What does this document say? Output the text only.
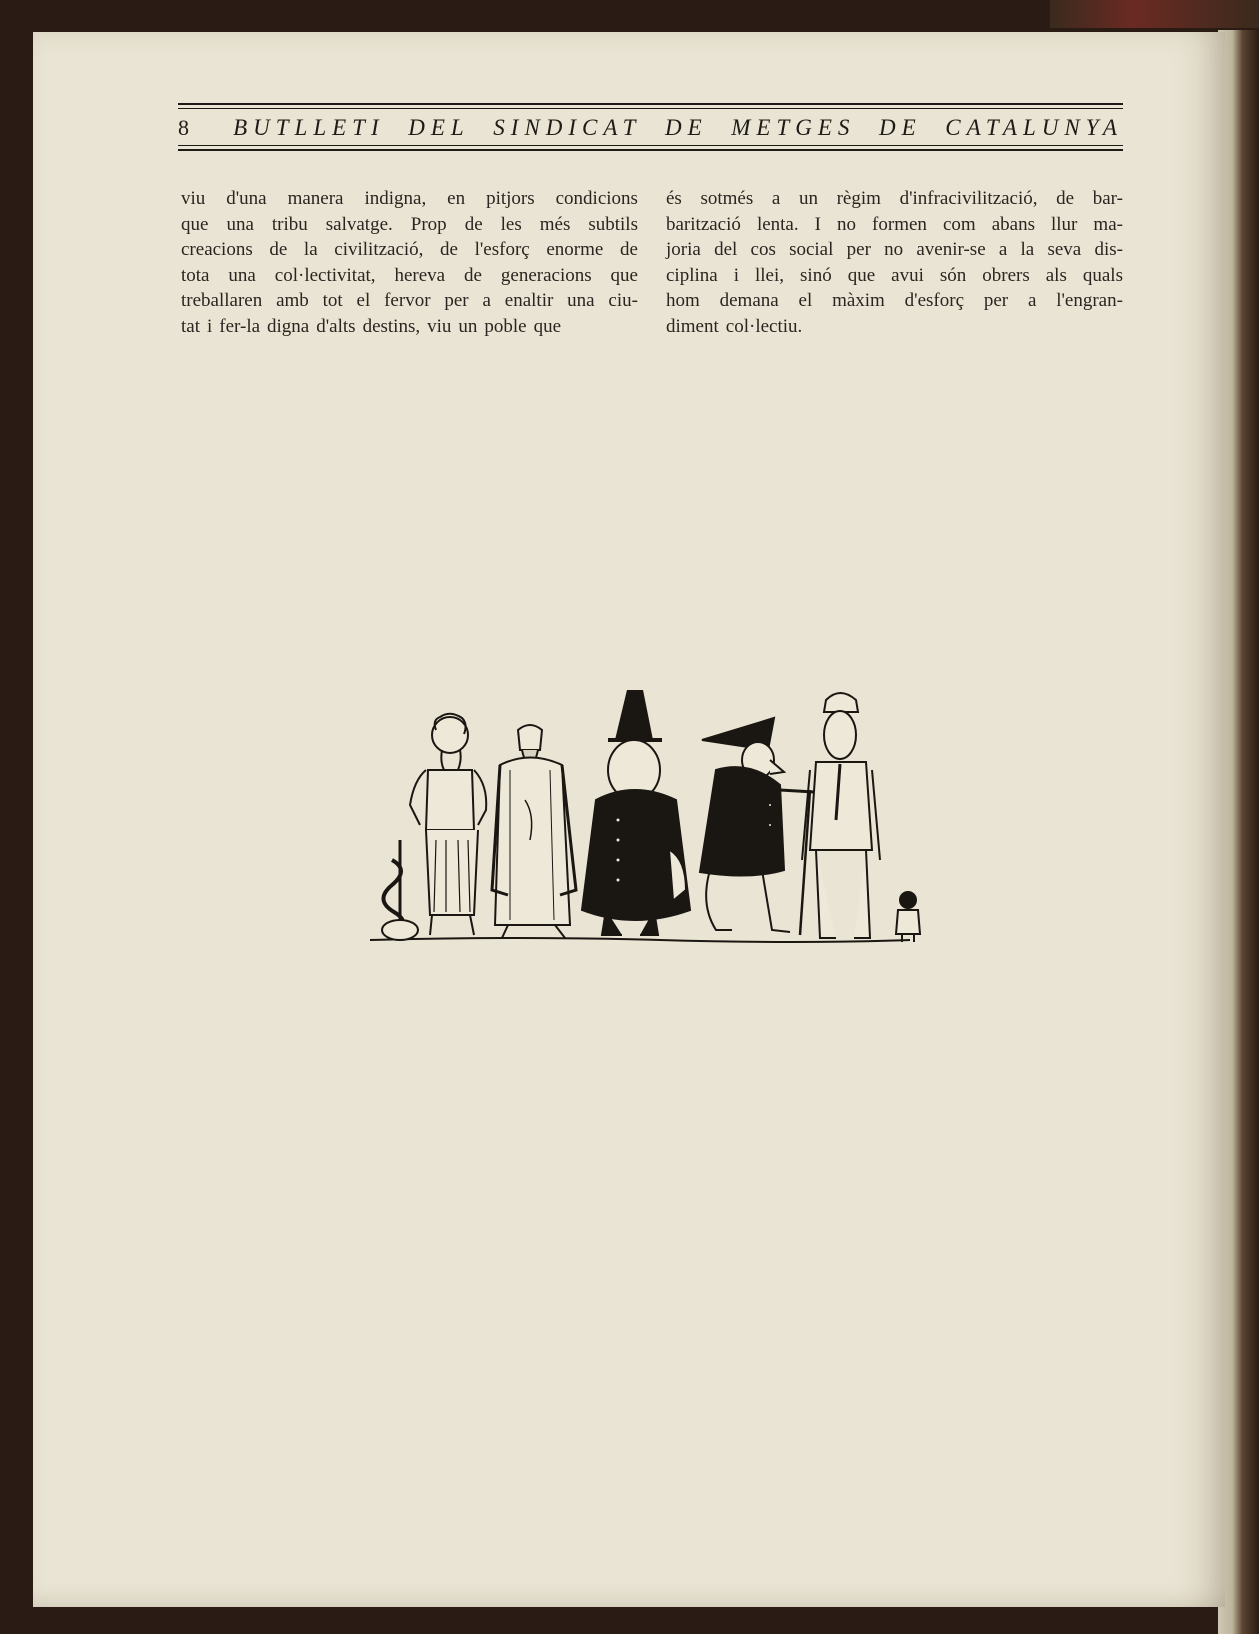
8 BUTLLETI DEL SINDICAT DE METGES DE CATALUNYA
viu d'una manera indigna, en pitjors condicions
que una tribu salvatge. Prop de les més subtils
creacions de la civilització, de l'esforç enorme de
tota una col·lectivitat, hereva de generacions que
treballaren amb tot el fervor per a enaltir una ciu-
tat i fer-la digna d'alts destins, viu un poble que
és sotmés a un règim d'infracivilització, de bar-
barització lenta. I no formen com abans llur ma-
joria del cos social per no avenir-se a la seva dis-
ciplina i llei, sinó que avui són obrers als quals
hom demana el màxim d'esforç per a l'engran-
diment col·lectiu.
